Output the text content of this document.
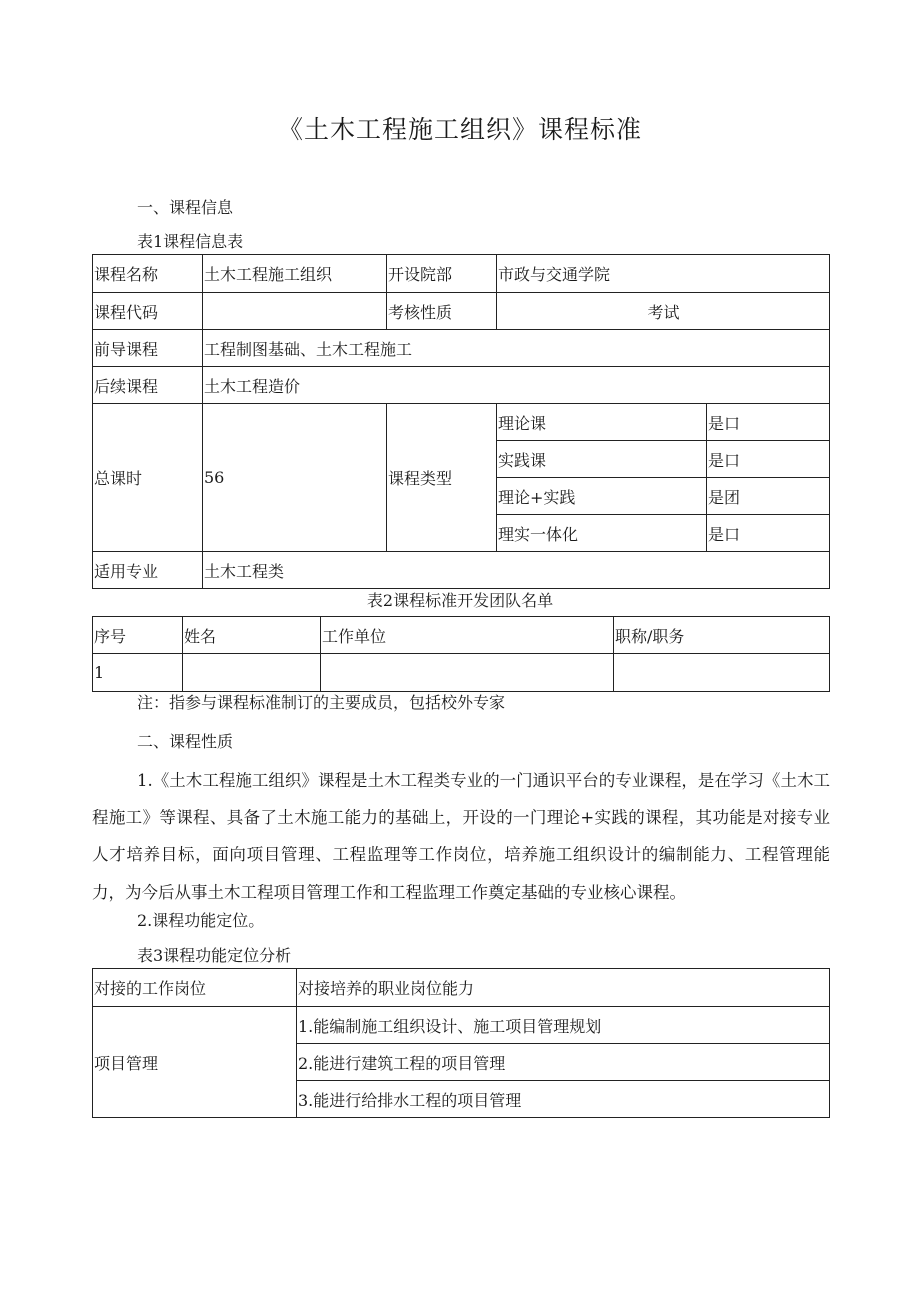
《土木工程施工组织》课程标准
一、课程信息
表1课程信息表
课程名称	土木工程施工组织	开设院部	市政与交通学院	
课程代码		考核性质	考试	
前导课程	工程制图基础、土木工程施工			
后续课程	土木工程造价			
总课时	56	课程类型	理论课	是口
			实践课	是口
			理论+实践	是团
			理实一体化	是口
适用专业	土木工程类			
表2课程标准开发团队名单
序号	姓名	工作单位	职称/职务
1			
注：指参与课程标准制订的主要成员，包括校外专家
二、课程性质
1.《土木工程施工组织》课程是土木工程类专业的一门通识平台的专业课程，是在学习《土木工程施工》等课程、具备了土木施工能力的基础上，开设的一门理论+实践的课程，其功能是对接专业人才培养目标，面向项目管理、工程监理等工作岗位，培养施工组织设计的编制能力、工程管理能力，为今后从事土木工程项目管理工作和工程监理工作奠定基础的专业核心课程。
2.课程功能定位。
表3课程功能定位分析
对接的工作岗位	对接培养的职业岗位能力
项目管理	1.能编制施工组织设计、施工项目管理规划
	2.能进行建筑工程的项目管理
	3.能进行给排水工程的项目管理
